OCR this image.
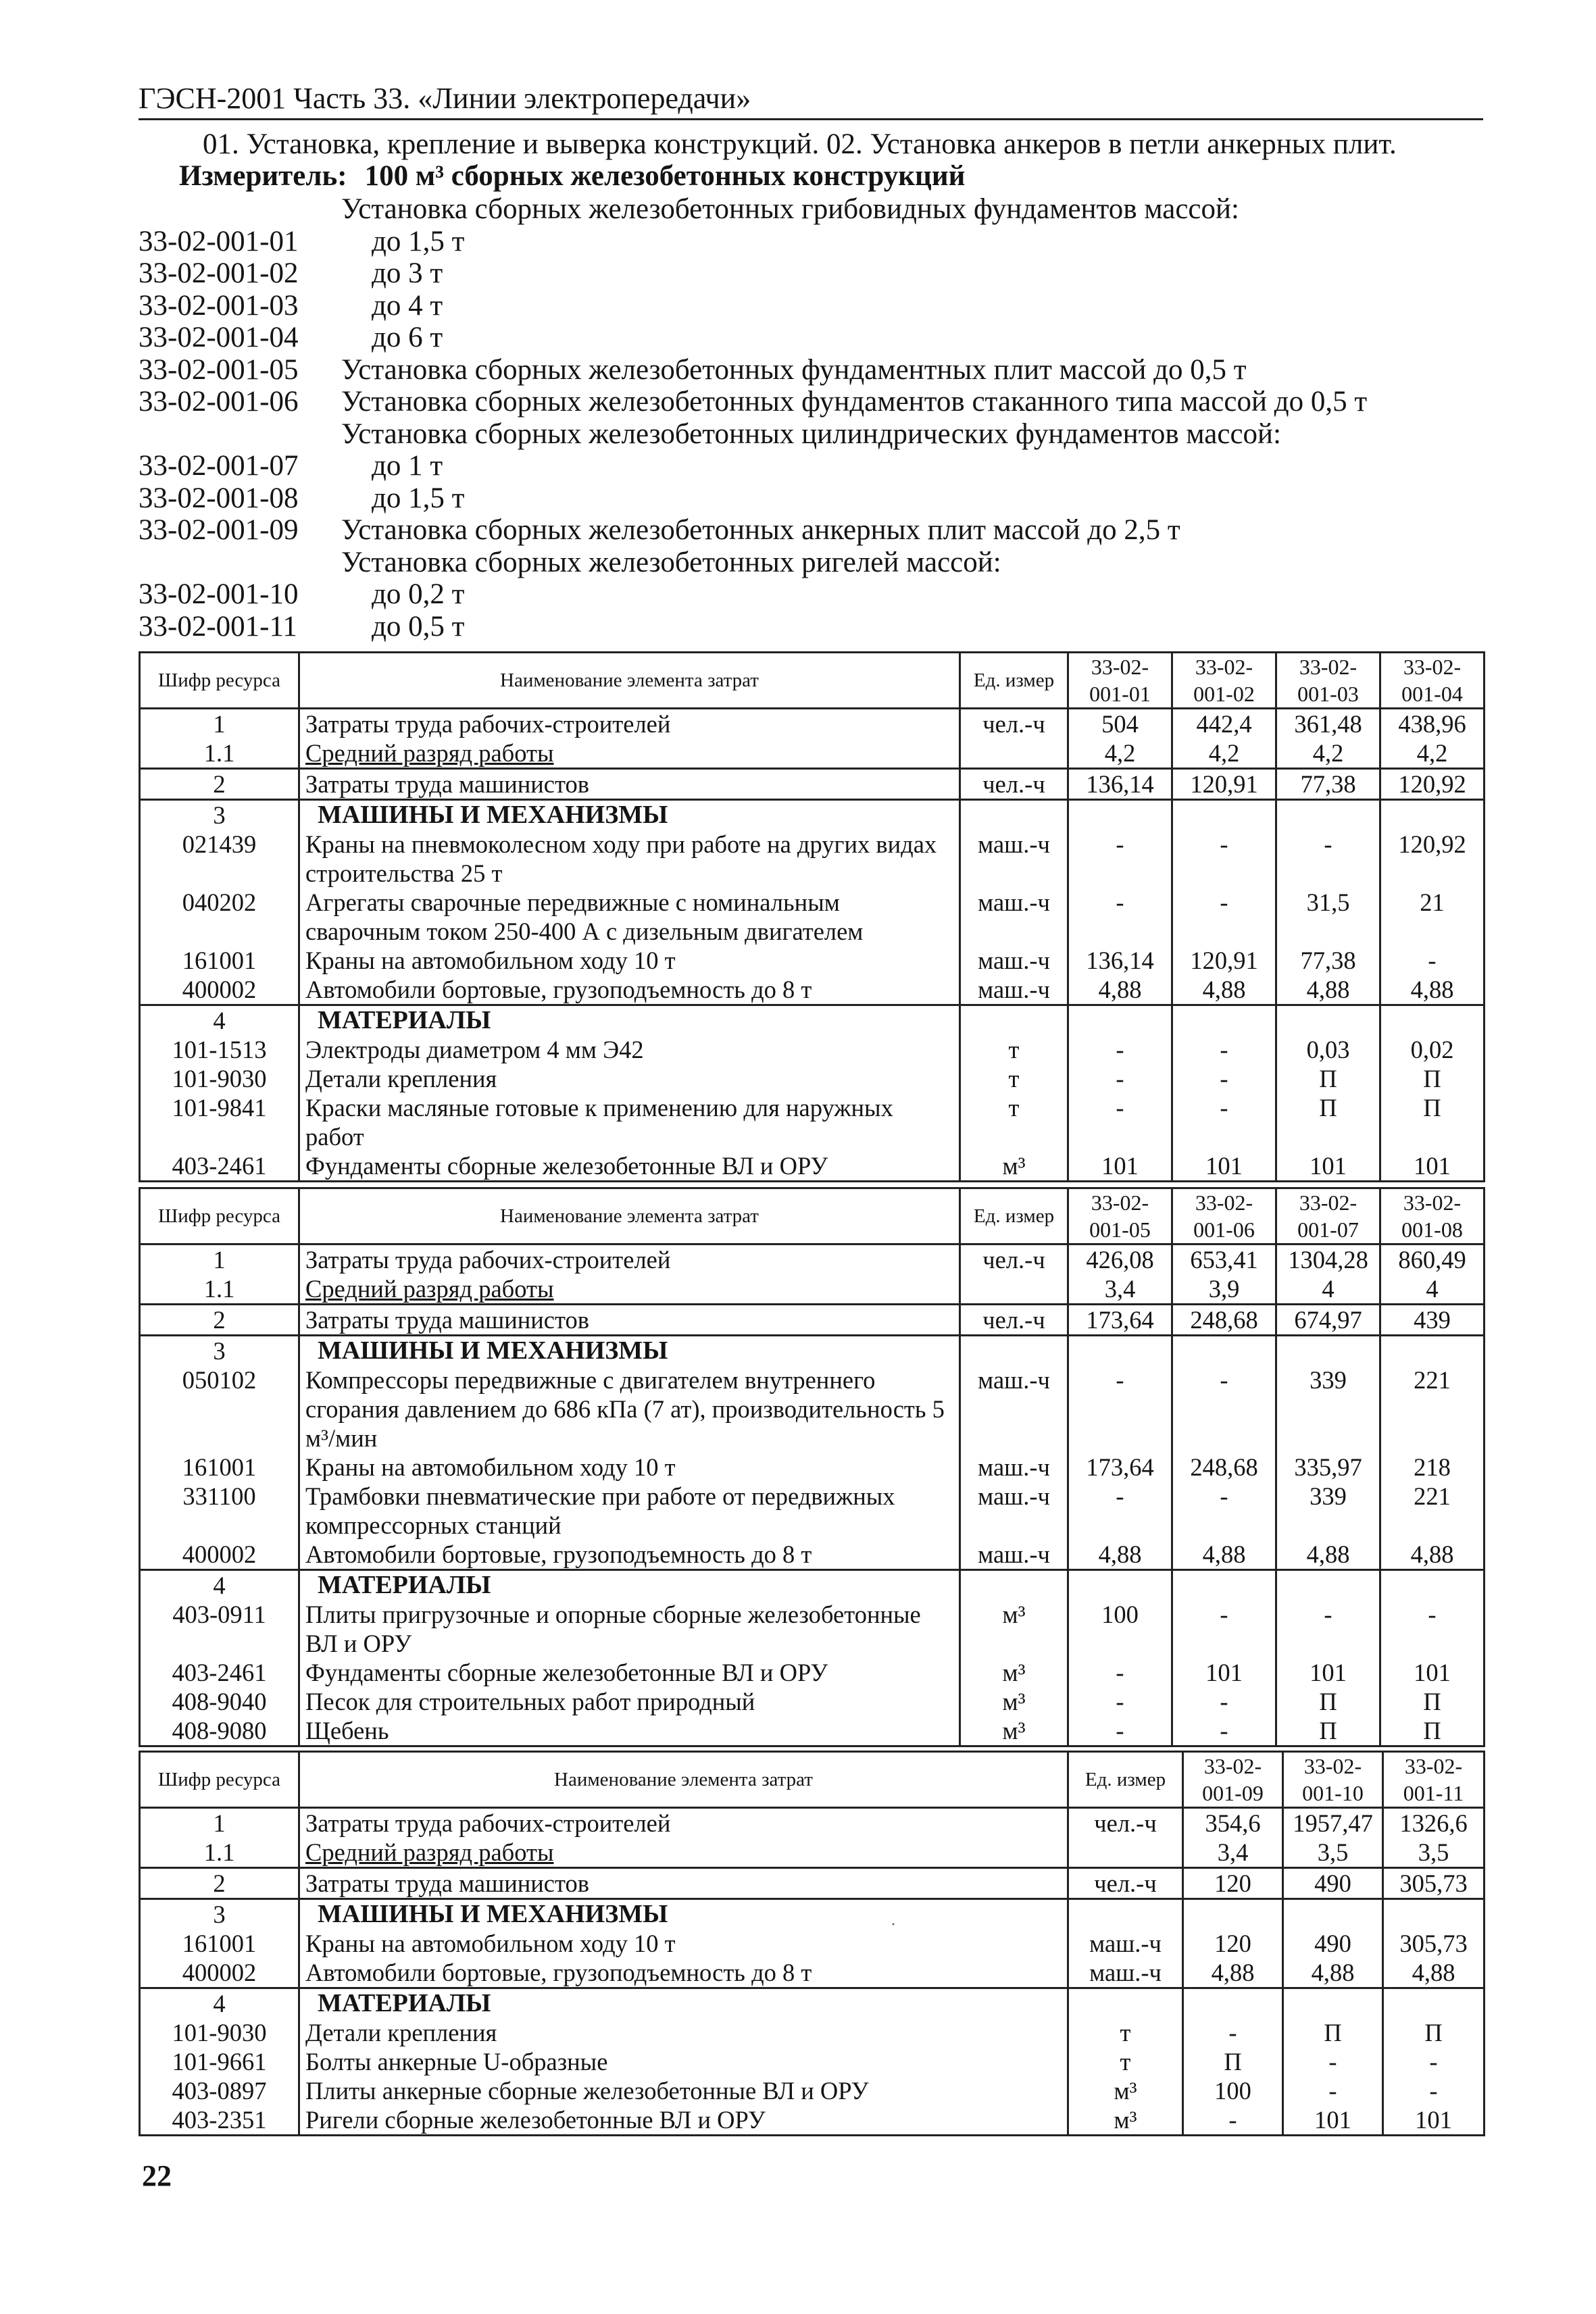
ГЭСН-2001 Часть 33. «Линии электропередачи»
01. Установка, крепление и выверка конструкций. 02. Установка анкеров в петли анкерных плит.
Измеритель: 100 м³ сборных железобетонных конструкций
Установка сборных железобетонных грибовидных фундаментов массой:
33-02-001-01	до 1,5 т
33-02-001-02	до 3 т
33-02-001-03	до 4 т
33-02-001-04	до 6 т
33-02-001-05	Установка сборных железобетонных фундаментных плит массой до 0,5 т
33-02-001-06	Установка сборных железобетонных фундаментов стаканного типа массой до 0,5 т
Установка сборных железобетонных цилиндрических фундаментов массой:
33-02-001-07	до 1 т
33-02-001-08	до 1,5 т
33-02-001-09	Установка сборных железобетонных анкерных плит массой до 2,5 т
Установка сборных железобетонных ригелей массой:
33-02-001-10	до 0,2 т
33-02-001-11	до 0,5 т
Шифр ресурса	Наименование элемента затрат	Ед. измер	33-02-001-01	33-02-001-02	33-02-001-03	33-02-001-04
1	Затраты труда рабочих-строителей	чел.-ч	504	442,4	361,48	438,96
1.1	Средний разряд работы		4,2	4,2	4,2	4,2
2	Затраты труда машинистов	чел.-ч	136,14	120,91	77,38	120,92
3	МАШИНЫ И МЕХАНИЗМЫ					
021439	Краны на пневмоколесном ходу при работе на других видах строительства 25 т	маш.-ч	-	-	-	120,92
040202	Агрегаты сварочные передвижные с номинальным сварочным током 250-400 А с дизельным двигателем	маш.-ч	-	-	31,5	21
161001	Краны на автомобильном ходу 10 т	маш.-ч	136,14	120,91	77,38	-
400002	Автомобили бортовые, грузоподъемность до 8 т	маш.-ч	4,88	4,88	4,88	4,88
4	МАТЕРИАЛЫ					
101-1513	Электроды диаметром 4 мм Э42	т	-	-	0,03	0,02
101-9030	Детали крепления	т	-	-	П	П
101-9841	Краски масляные готовые к применению для наружных работ	т	-	-	П	П
403-2461	Фундаменты сборные железобетонные ВЛ и ОРУ	м³	101	101	101	101
Шифр ресурса	Наименование элемента затрат	Ед. измер	33-02-001-05	33-02-001-06	33-02-001-07	33-02-001-08
1	Затраты труда рабочих-строителей	чел.-ч	426,08	653,41	1304,28	860,49
1.1	Средний разряд работы		3,4	3,9	4	4
2	Затраты труда машинистов	чел.-ч	173,64	248,68	674,97	439
3	МАШИНЫ И МЕХАНИЗМЫ					
050102	Компрессоры передвижные с двигателем внутреннего сгорания давлением до 686 кПа (7 ат), производительность 5 м³/мин	маш.-ч	-	-	339	221
161001	Краны на автомобильном ходу 10 т	маш.-ч	173,64	248,68	335,97	218
331100	Трамбовки пневматические при работе от передвижных компрессорных станций	маш.-ч	-	-	339	221
400002	Автомобили бортовые, грузоподъемность до 8 т	маш.-ч	4,88	4,88	4,88	4,88
4	МАТЕРИАЛЫ					
403-0911	Плиты пригрузочные и опорные сборные железобетонные ВЛ и ОРУ	м³	100	-	-	-
403-2461	Фундаменты сборные железобетонные ВЛ и ОРУ	м³	-	101	101	101
408-9040	Песок для строительных работ природный	м³	-	-	П	П
408-9080	Щебень	м³	-	-	П	П
Шифр ресурса	Наименование элемента затрат	Ед. измер	33-02-001-09	33-02-001-10	33-02-001-11
1	Затраты труда рабочих-строителей	чел.-ч	354,6	1957,47	1326,6
1.1	Средний разряд работы		3,4	3,5	3,5
2	Затраты труда машинистов	чел.-ч	120	490	305,73
3	МАШИНЫ И МЕХАНИЗМЫ				
161001	Краны на автомобильном ходу 10 т	маш.-ч	120	490	305,73
400002	Автомобили бортовые, грузоподъемность до 8 т	маш.-ч	4,88	4,88	4,88
4	МАТЕРИАЛЫ				
101-9030	Детали крепления	т	-	П	П
101-9661	Болты анкерные U-образные	т	П	-	-
403-0897	Плиты анкерные сборные железобетонные ВЛ и ОРУ	м³	100	-	-
403-2351	Ригели сборные железобетонные ВЛ и ОРУ	м³	-	101	101
·
22
